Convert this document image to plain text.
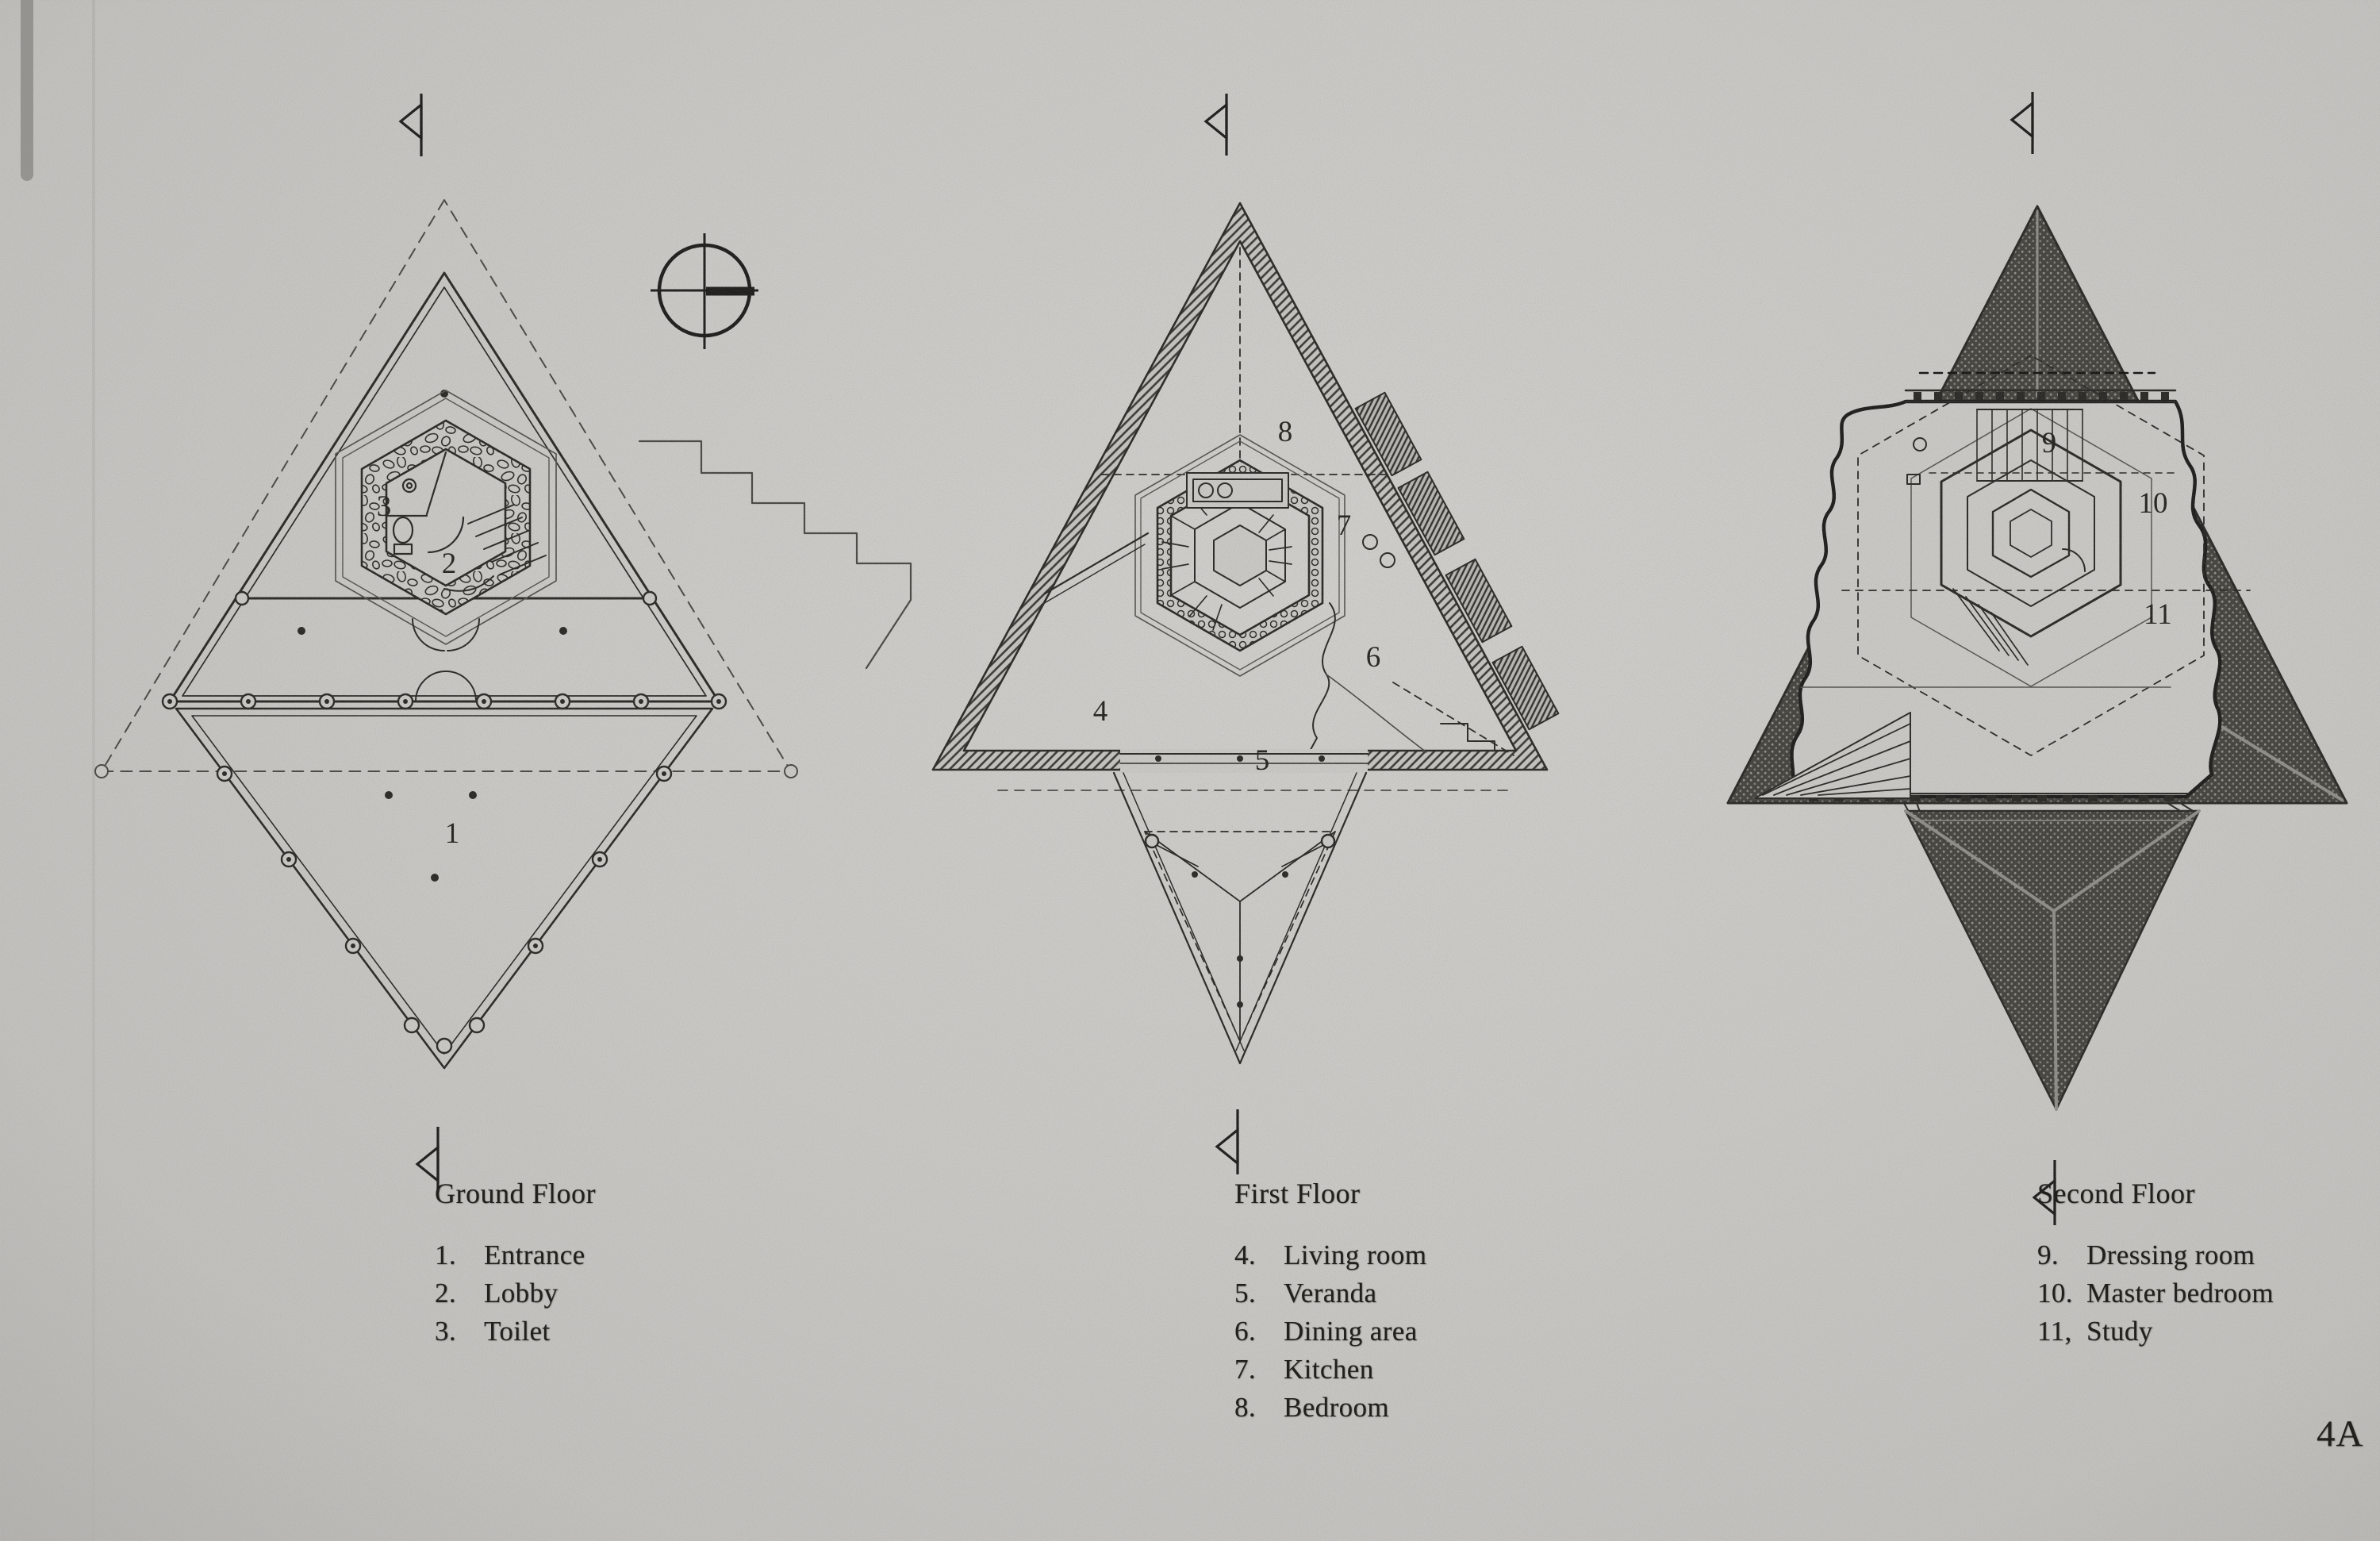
Ground Floor
1. Entrance
2. Lobby
3. Toilet
First Floor
4. Living room
5. Veranda
6. Dining area
7. Kitchen
8. Bedroom
Second Floor
9. Dressing room
10. Master bedroom
11, Study
4A
